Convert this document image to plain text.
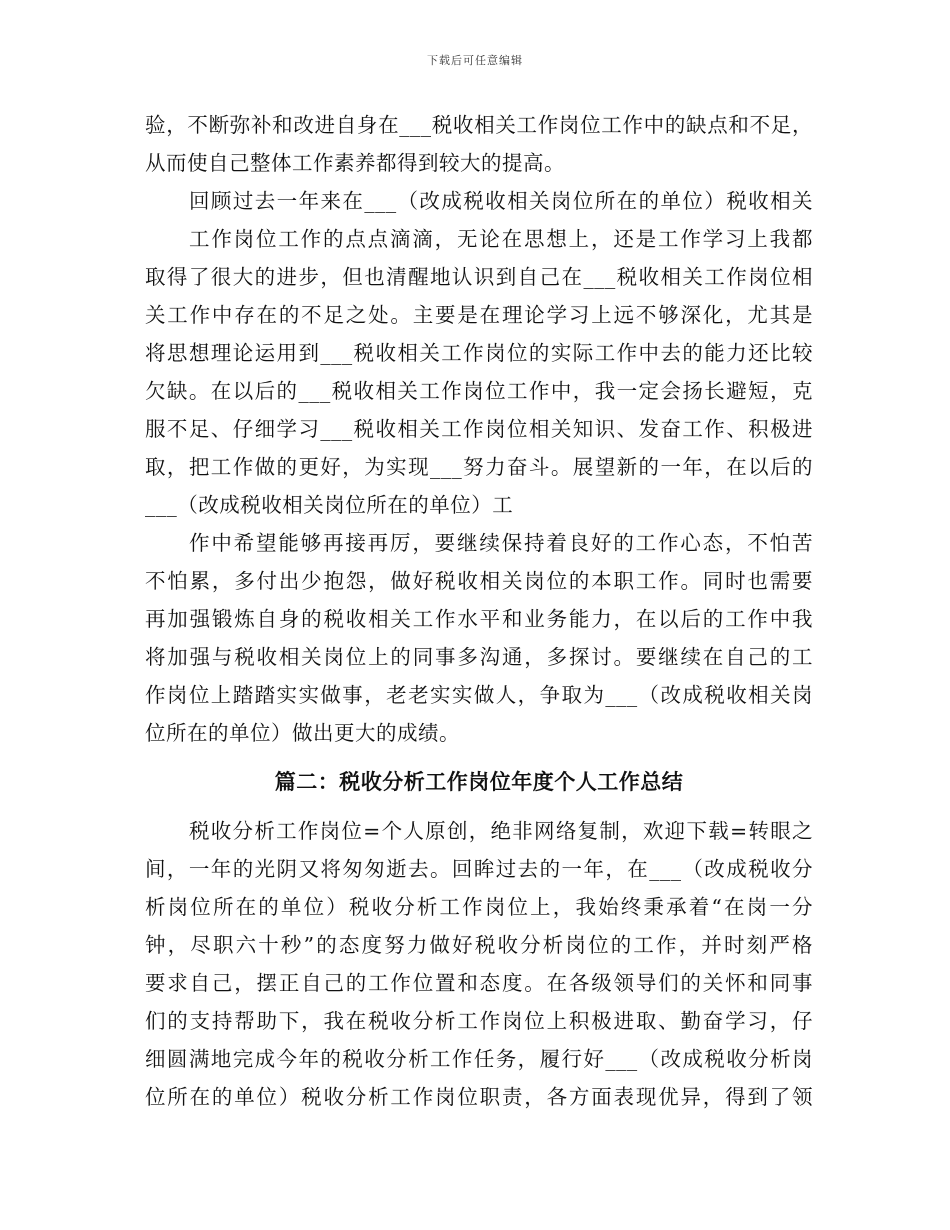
下载后可任意编辑
验，不断弥补和改进自身在___税收相关工作岗位工作中的缺点和不足，
从而使自己整体工作素养都得到较大的提高。
回顾过去一年来在___（改成税收相关岗位所在的单位）税收相关
工作岗位工作的点点滴滴，无论在思想上，还是工作学习上我都
取得了很大的进步，但也清醒地认识到自己在___税收相关工作岗位相
关工作中存在的不足之处。主要是在理论学习上远不够深化，尤其是
将思想理论运用到___税收相关工作岗位的实际工作中去的能力还比较
欠缺。在以后的___税收相关工作岗位工作中，我一定会扬长避短，克
服不足、仔细学习___税收相关工作岗位相关知识、发奋工作、积极进
取，把工作做的更好，为实现___努力奋斗。展望新的一年，在以后的
___（改成税收相关岗位所在的单位）工
作中希望能够再接再厉，要继续保持着良好的工作心态，不怕苦
不怕累，多付出少抱怨，做好税收相关岗位的本职工作。同时也需要
再加强锻炼自身的税收相关工作水平和业务能力，在以后的工作中我
将加强与税收相关岗位上的同事多沟通，多探讨。要继续在自己的工
作岗位上踏踏实实做事，老老实实做人，争取为___（改成税收相关岗
位所在的单位）做出更大的成绩。
篇二：税收分析工作岗位年度个人工作总结
税收分析工作岗位=个人原创，绝非网络复制，欢迎下载=转眼之
间，一年的光阴又将匆匆逝去。回眸过去的一年，在___（改成税收分
析岗位所在的单位）税收分析工作岗位上，我始终秉承着“在岗一分
钟，尽职六十秒”的态度努力做好税收分析岗位的工作，并时刻严格
要求自己，摆正自己的工作位置和态度。在各级领导们的关怀和同事
们的支持帮助下，我在税收分析工作岗位上积极进取、勤奋学习，仔
细圆满地完成今年的税收分析工作任务，履行好___（改成税收分析岗
位所在的单位）税收分析工作岗位职责，各方面表现优异，得到了领
